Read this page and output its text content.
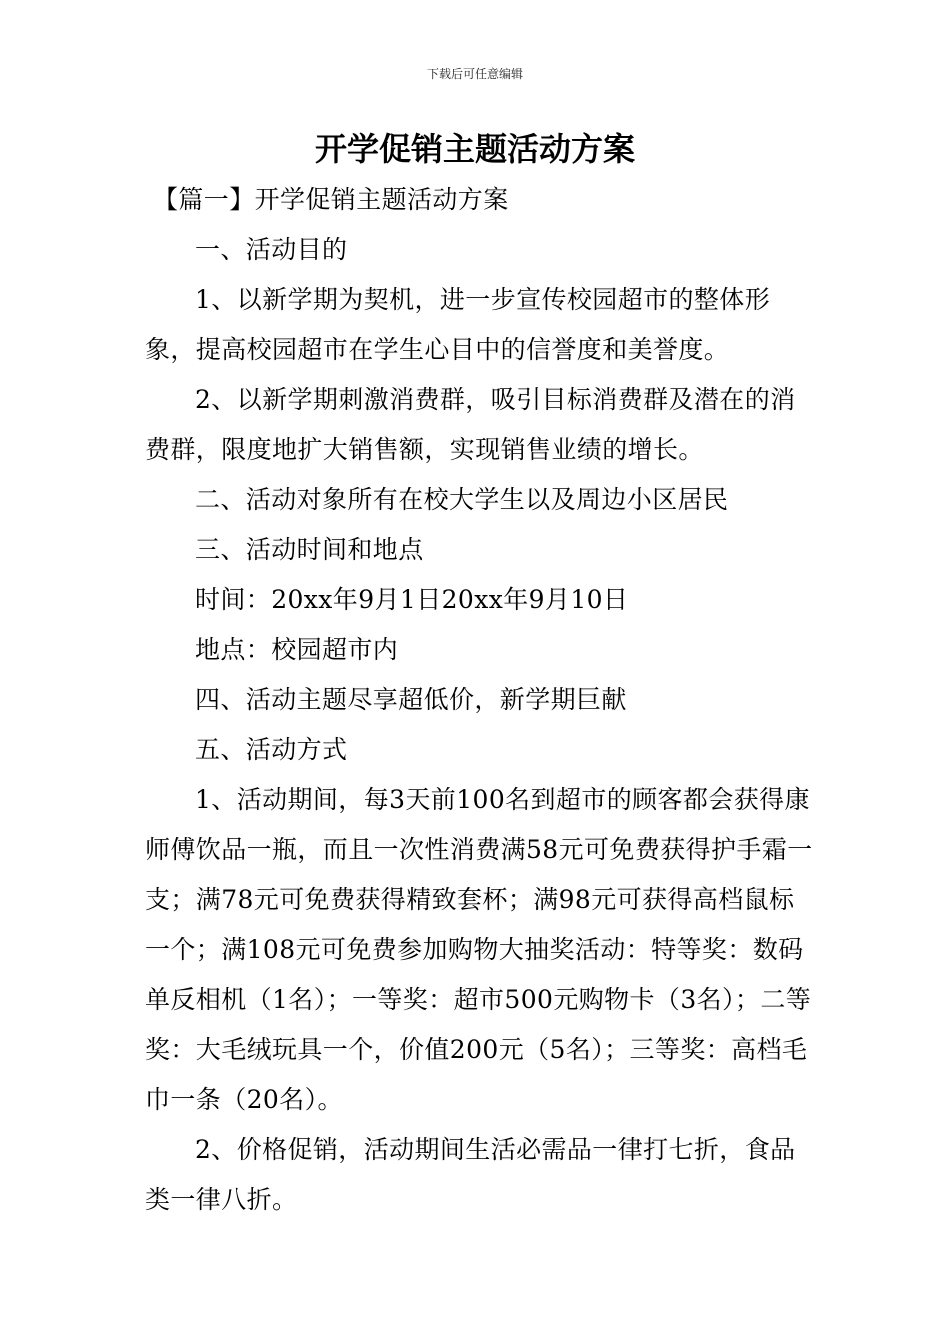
下载后可任意编辑
开学促销主题活动方案

【篇一】开学促销主题活动方案

一、活动目的

1、以新学期为契机，进一步宣传校园超市的整体形象，提高校园超市在学生心目中的信誉度和美誉度。

2、以新学期刺激消费群，吸引目标消费群及潜在的消费群，限度地扩大销售额，实现销售业绩的增长。

二、活动对象所有在校大学生以及周边小区居民

三、活动时间和地点

时间：20xx年9月1日20xx年9月10日

地点：校园超市内

四、活动主题尽享超低价，新学期巨献

五、活动方式

1、活动期间，每3天前100名到超市的顾客都会获得康师傅饮品一瓶，而且一次性消费满58元可免费获得护手霜一支；满78元可免费获得精致套杯；满98元可获得高档鼠标一个；满108元可免费参加购物大抽奖活动：特等奖：数码单反相机（1名）；一等奖：超市500元购物卡（3名）；二等奖：大毛绒玩具一个，价值200元（5名）；三等奖：高档毛巾一条（20名）。

2、价格促销，活动期间生活必需品一律打七折，食品类一律八折。
